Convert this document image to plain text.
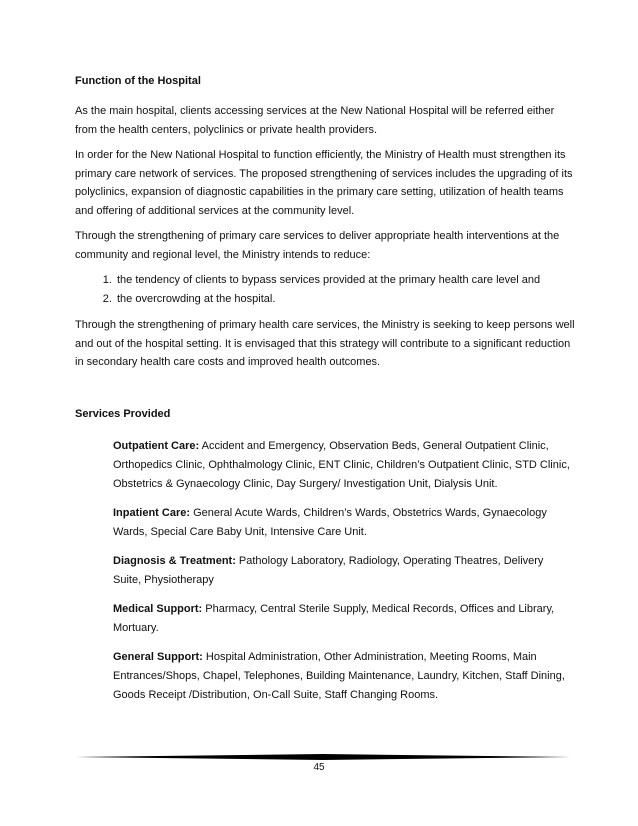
Function of the Hospital

As the main hospital, clients accessing services at the New National Hospital will be referred either from the health centers, polyclinics or private health providers.

In order for the New National Hospital to function efficiently, the Ministry of Health must strengthen its primary care network of services. The proposed strengthening of services includes the upgrading of its polyclinics, expansion of diagnostic capabilities in the primary care setting, utilization of health teams and offering of additional services at the community level.

Through the strengthening of primary care services to deliver appropriate health interventions at the community and regional level, the Ministry intends to reduce:

1. the tendency of clients to bypass services provided at the primary health care level and
2. the overcrowding at the hospital.

Through the strengthening of primary health care services, the Ministry is seeking to keep persons well and out of the hospital setting. It is envisaged that this strategy will contribute to a significant reduction in secondary health care costs and improved health outcomes.

Services Provided
Outpatient Care: Accident and Emergency, Observation Beds, General Outpatient Clinic, Orthopedics Clinic, Ophthalmology Clinic, ENT Clinic, Children’s Outpatient Clinic, STD Clinic, Obstetrics & Gynaecology Clinic, Day Surgery/ Investigation Unit, Dialysis Unit.
Inpatient Care: General Acute Wards, Children’s Wards, Obstetrics Wards, Gynaecology Wards, Special Care Baby Unit, Intensive Care Unit.
Diagnosis & Treatment: Pathology Laboratory, Radiology, Operating Theatres, Delivery Suite, Physiotherapy
Medical Support: Pharmacy, Central Sterile Supply, Medical Records, Offices and Library, Mortuary.
General Support: Hospital Administration, Other Administration, Meeting Rooms, Main Entrances/Shops, Chapel, Telephones, Building Maintenance, Laundry, Kitchen, Staff Dining, Goods Receipt /Distribution, On-Call Suite, Staff Changing Rooms.
45
